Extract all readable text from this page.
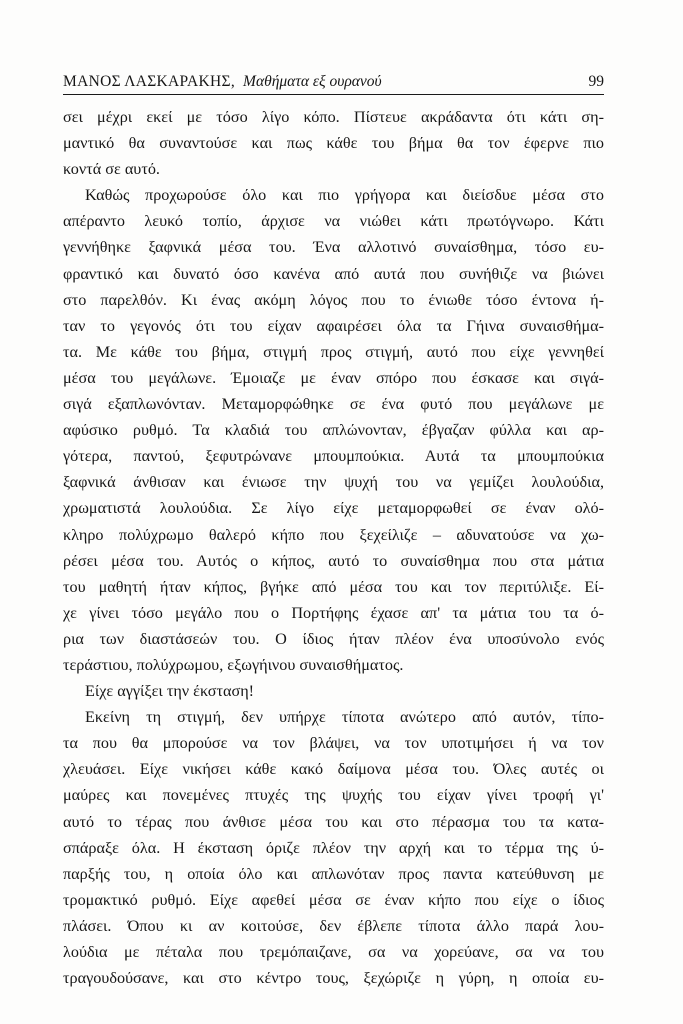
ΜΑΝΟΣ ΛΑΣΚΑΡΑΚΗΣ, Μαθήματα εξ ουρανού	99
σει μέχρι εκεί με τόσο λίγο κόπο. Πίστευε ακράδαντα ότι κάτι ση-
μαντικό θα συναντούσε και πως κάθε του βήμα θα τον έφερνε πιο
κοντά σε αυτό.
Καθώς προχωρούσε όλο και πιο γρήγορα και διείσδυε μέσα στο
απέραντο λευκό τοπίο, άρχισε να νιώθει κάτι πρωτόγνωρο. Κάτι
γεννήθηκε ξαφνικά μέσα του. Ένα αλλοτινό συναίσθημα, τόσο ευ-
φραντικό και δυνατό όσο κανένα από αυτά που συνήθιζε να βιώνει
στο παρελθόν. Κι ένας ακόμη λόγος που το ένιωθε τόσο έντονα ή-
ταν το γεγονός ότι του είχαν αφαιρέσει όλα τα Γήινα συναισθήμα-
τα. Με κάθε του βήμα, στιγμή προς στιγμή, αυτό που είχε γεννηθεί
μέσα του μεγάλωνε. Έμοιαζε με έναν σπόρο που έσκασε και σιγά-
σιγά εξαπλωνόνταν. Μεταμορφώθηκε σε ένα φυτό που μεγάλωνε με
αφύσικο ρυθμό. Τα κλαδιά του απλώνονταν, έβγαζαν φύλλα και αρ-
γότερα, παντού, ξεφυτρώνανε μπουμπούκια. Αυτά τα μπουμπούκια
ξαφνικά άνθισαν και ένιωσε την ψυχή του να γεμίζει λουλούδια,
χρωματιστά λουλούδια. Σε λίγο είχε μεταμορφωθεί σε έναν ολό-
κληρο πολύχρωμο θαλερό κήπο που ξεχείλιζε – αδυνατούσε να χω-
ρέσει μέσα του. Αυτός ο κήπος, αυτό το συναίσθημα που στα μάτια
του μαθητή ήταν κήπος, βγήκε από μέσα του και τον περιτύλιξε. Εί-
χε γίνει τόσο μεγάλο που ο Πορτήφης έχασε απ' τα μάτια του τα ό-
ρια των διαστάσεών του. Ο ίδιος ήταν πλέον ένα υποσύνολο ενός
τεράστιου, πολύχρωμου, εξωγήινου συναισθήματος.
Είχε αγγίξει την έκσταση!
Εκείνη τη στιγμή, δεν υπήρχε τίποτα ανώτερο από αυτόν, τίπο-
τα που θα μπορούσε να τον βλάψει, να τον υποτιμήσει ή να τον
χλευάσει. Είχε νικήσει κάθε κακό δαίμονα μέσα του. Όλες αυτές οι
μαύρες και πονεμένες πτυχές της ψυχής του είχαν γίνει τροφή γι'
αυτό το τέρας που άνθισε μέσα του και στο πέρασμα του τα κατα-
σπάραξε όλα. Η έκσταση όριζε πλέον την αρχή και το τέρμα της ύ-
παρξής του, η οποία όλο και απλωνόταν προς παντα κατεύθυνση με
τρομακτικό ρυθμό. Είχε αφεθεί μέσα σε έναν κήπο που είχε ο ίδιος
πλάσει. Όπου κι αν κοιτούσε, δεν έβλεπε τίποτα άλλο παρά λου-
λούδια με πέταλα που τρεμόπαιζανε, σα να χορεύανε, σα να του
τραγουδούσανε, και στο κέντρο τους, ξεχώριζε η γύρη, η οποία ευ-
